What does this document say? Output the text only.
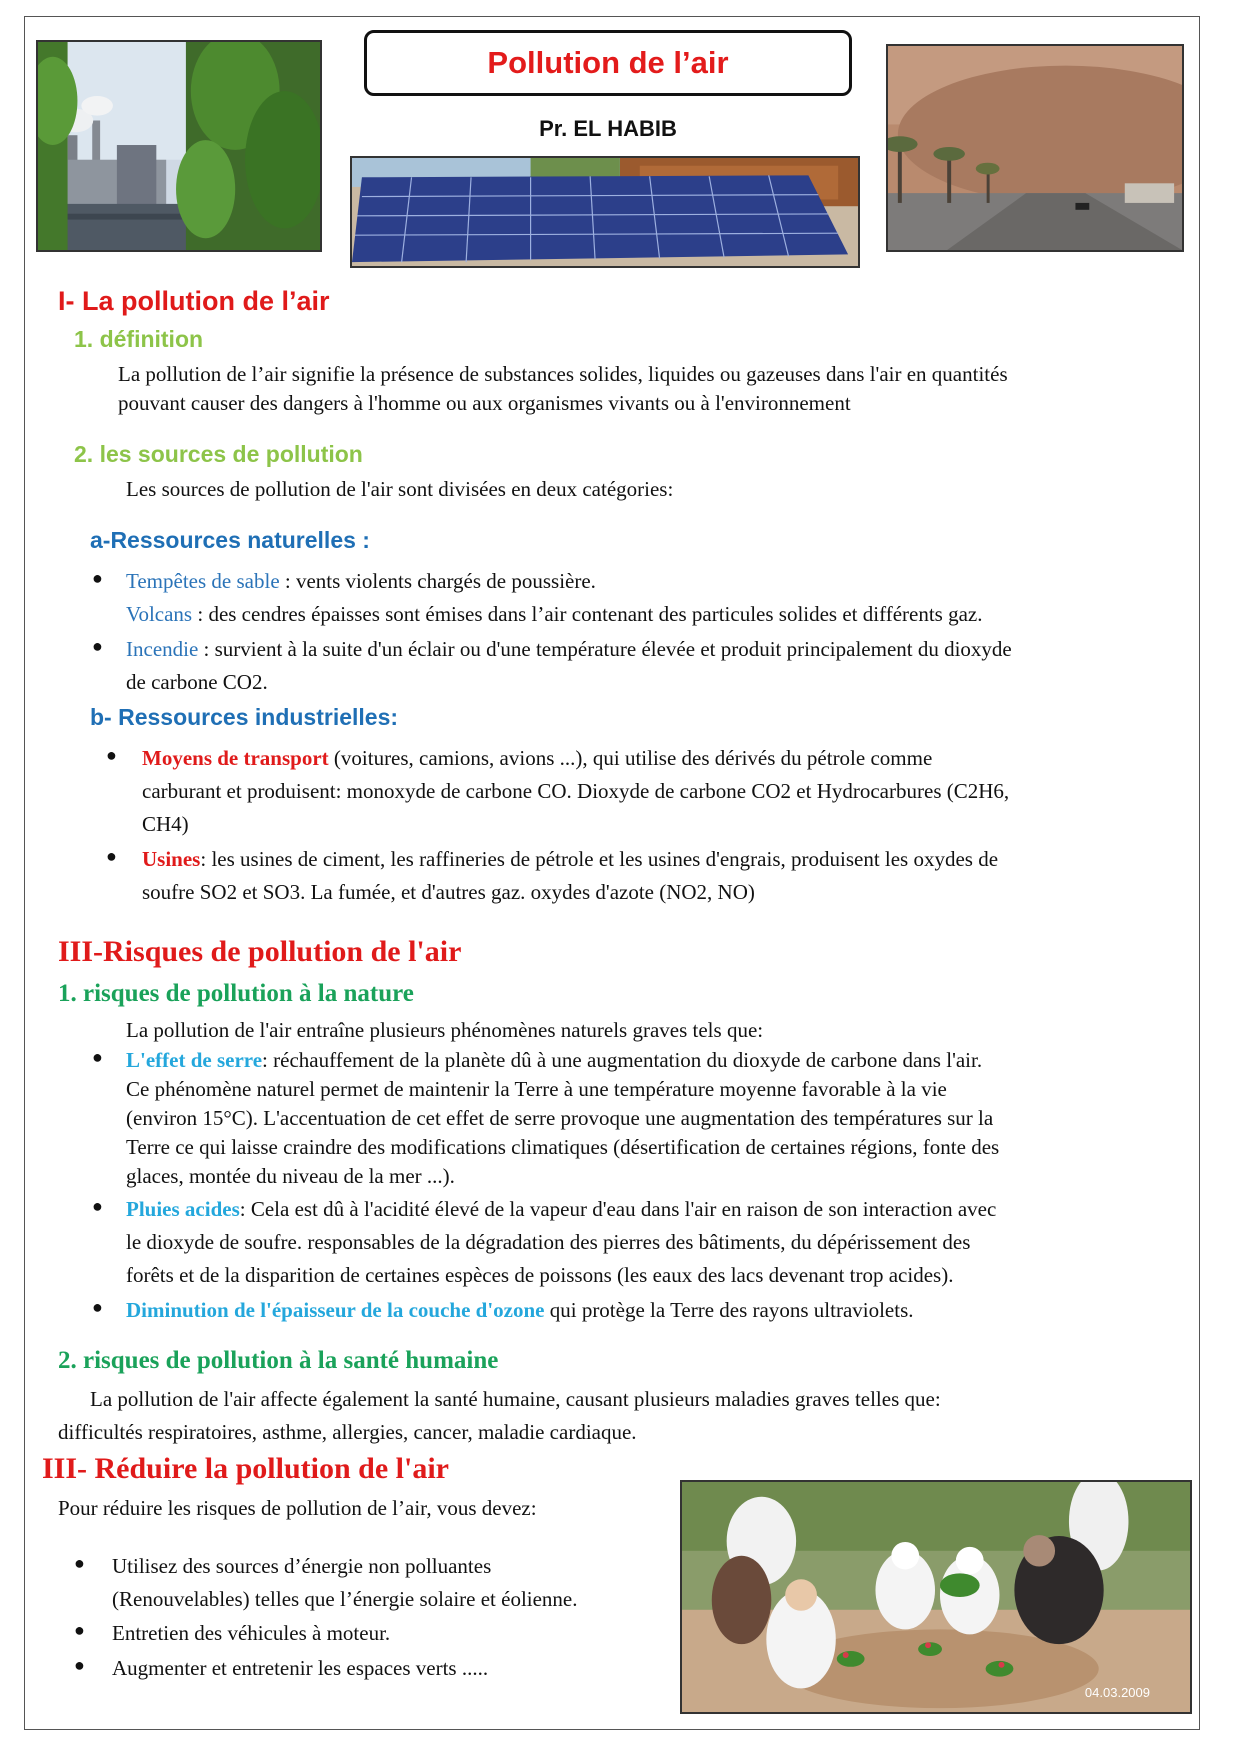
Pollution de l’air
Pr. EL HABIB
I- La pollution de l’air
1. définition
La pollution de l’air signifie la présence de substances solides, liquides ou gazeuses dans l'air en quantités
pouvant causer des dangers à l'homme ou aux organismes vivants ou à l'environnement
2. les sources de pollution
Les sources de pollution de l'air sont divisées en deux catégories:
a-Ressources naturelles :
● Tempêtes de sable : vents violents chargés de poussière.
Volcans : des cendres épaisses sont émises dans l’air contenant des particules solides et différents gaz.
● Incendie : survient à la suite d'un éclair ou d'une température élevée et produit principalement du dioxyde
de carbone CO2.
b- Ressources industrielles:
● Moyens de transport (voitures, camions, avions ...), qui utilise des dérivés du pétrole comme
carburant et produisent: monoxyde de carbone CO. Dioxyde de carbone CO2 et Hydrocarbures (C2H6,
CH4)
● Usines: les usines de ciment, les raffineries de pétrole et les usines d'engrais, produisent les oxydes de
soufre SO2 et SO3. La fumée, et d'autres gaz. oxydes d'azote (NO2, NO)
III-Risques de pollution de l'air
1. risques de pollution à la nature
La pollution de l'air entraîne plusieurs phénomènes naturels graves tels que:
● L'effet de serre: réchauffement de la planète dû à une augmentation du dioxyde de carbone dans l'air.
Ce phénomène naturel permet de maintenir la Terre à une température moyenne favorable à la vie
(environ 15°C). L'accentuation de cet effet de serre provoque une augmentation des températures sur la
Terre ce qui laisse craindre des modifications climatiques (désertification de certaines régions, fonte des
glaces, montée du niveau de la mer ...).
● Pluies acides: Cela est dû à l'acidité élevé de la vapeur d'eau dans l'air en raison de son interaction avec
le dioxyde de soufre. responsables de la dégradation des pierres des bâtiments, du dépérissement des
forêts et de la disparition de certaines espèces de poissons (les eaux des lacs devenant trop acides).
● Diminution de l'épaisseur de la couche d'ozone qui protège la Terre des rayons ultraviolets.
2. risques de pollution à la santé humaine
La pollution de l'air affecte également la santé humaine, causant plusieurs maladies graves telles que:
difficultés respiratoires, asthme, allergies, cancer, maladie cardiaque.
III- Réduire la pollution de l'air
Pour réduire les risques de pollution de l’air, vous devez:
● Utilisez des sources d’énergie non polluantes
(Renouvelables) telles que l’énergie solaire et éolienne.
● Entretien des véhicules à moteur.
● Augmenter et entretenir les espaces verts .....
04.03.2009
